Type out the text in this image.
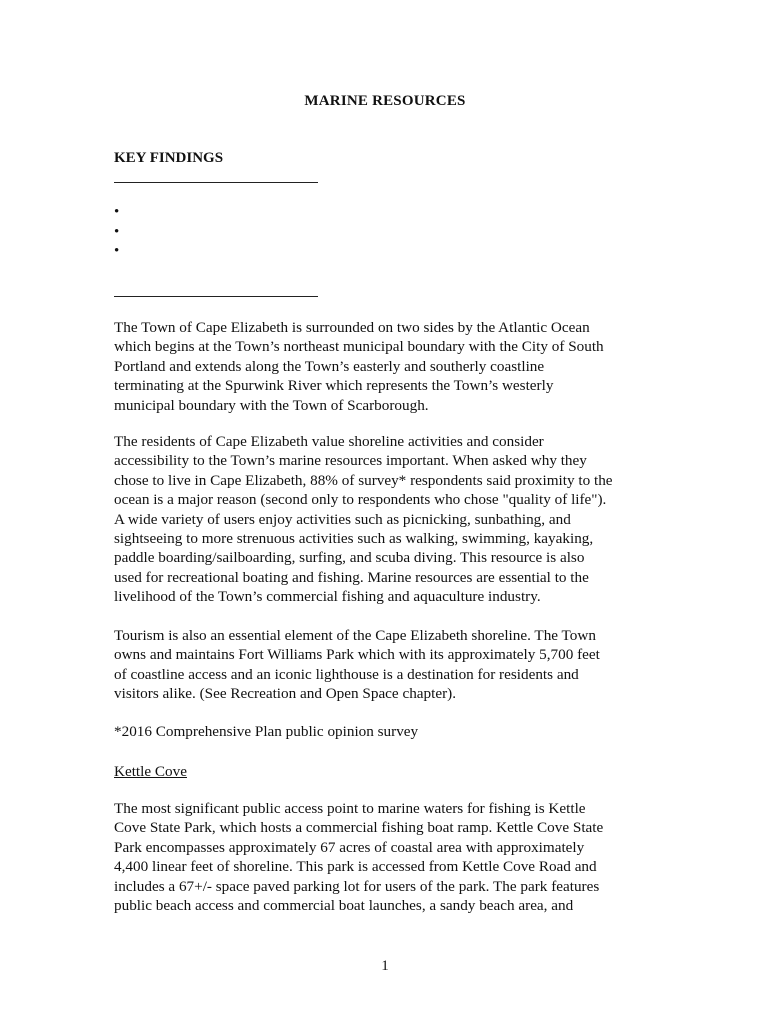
MARINE RESOURCES
KEY FINDINGS
•
•
•

The Town of Cape Elizabeth is surrounded on two sides by the Atlantic Ocean
which begins at the Town’s northeast municipal boundary with the City of South
Portland and extends along the Town’s easterly and southerly coastline
terminating at the Spurwink River which represents the Town’s westerly
municipal boundary with the Town of Scarborough.

The residents of Cape Elizabeth value shoreline activities and consider
accessibility to the Town’s marine resources important. When asked why they
chose to live in Cape Elizabeth, 88% of survey* respondents said proximity to the
ocean is a major reason (second only to respondents who chose "quality of life").
A wide variety of users enjoy activities such as picnicking, sunbathing, and
sightseeing to more strenuous activities such as walking, swimming, kayaking,
paddle boarding/sailboarding, surfing, and scuba diving. This resource is also
used for recreational boating and fishing. Marine resources are essential to the
livelihood of the Town’s commercial fishing and aquaculture industry.

Tourism is also an essential element of the Cape Elizabeth shoreline. The Town
owns and maintains Fort Williams Park which with its approximately 5,700 feet
of coastline access and an iconic lighthouse is a destination for residents and
visitors alike. (See Recreation and Open Space chapter).

*2016 Comprehensive Plan public opinion survey

Kettle Cove

The most significant public access point to marine waters for fishing is Kettle
Cove State Park, which hosts a commercial fishing boat ramp. Kettle Cove State
Park encompasses approximately 67 acres of coastal area with approximately
4,400 linear feet of shoreline. This park is accessed from Kettle Cove Road and
includes a 67+/- space paved parking lot for users of the park. The park features
public beach access and commercial boat launches, a sandy beach area, and

1
